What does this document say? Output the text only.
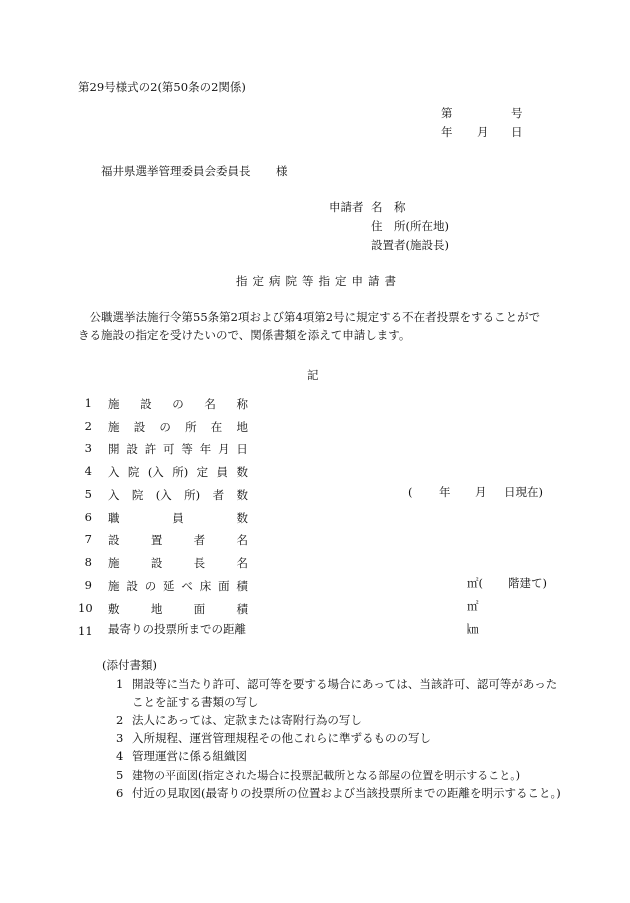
第29号様式の2(第50条の2関係)
第	号
年 月 日
福井県選挙管理委員会委員長 様
申請者 名　称
住　所(所在地)
設置者(施設長)
指定病院等指定申請書
公職選挙法施行令第55条第2項および第4項第2号に規定する不在者投票をすることができる施設の指定を受けたいので、関係書類を添えて申請します。
記
1 施 設 の 名 称
2 施 設 の 所 在 地
3 開 設 許 可 等 年 月 日
4 入 院 (入 所) 定 員 数
5 入 院 (入 所) 者 数	( 年 月 日現在)
6 職	員	数
7 設	置	者	名
8 施	設	長	名
9 施 設 の 延 べ 床 面 積	㎡( 階建て)
10 敷	地	面	積	㎡
11 最寄りの投票所までの距離	㎞
(添付書類)
1 開設等に当たり許可、認可等を要する場合にあっては、当該許可、認可等があったことを証する書類の写し
2 法人にあっては、定款または寄附行為の写し
3 入所規程、運営管理規程その他これらに準ずるものの写し
4 管理運営に係る組織図
5 建物の平面図(指定された場合に投票記載所となる部屋の位置を明示すること。)
6 付近の見取図(最寄りの投票所の位置および当該投票所までの距離を明示すること。)
